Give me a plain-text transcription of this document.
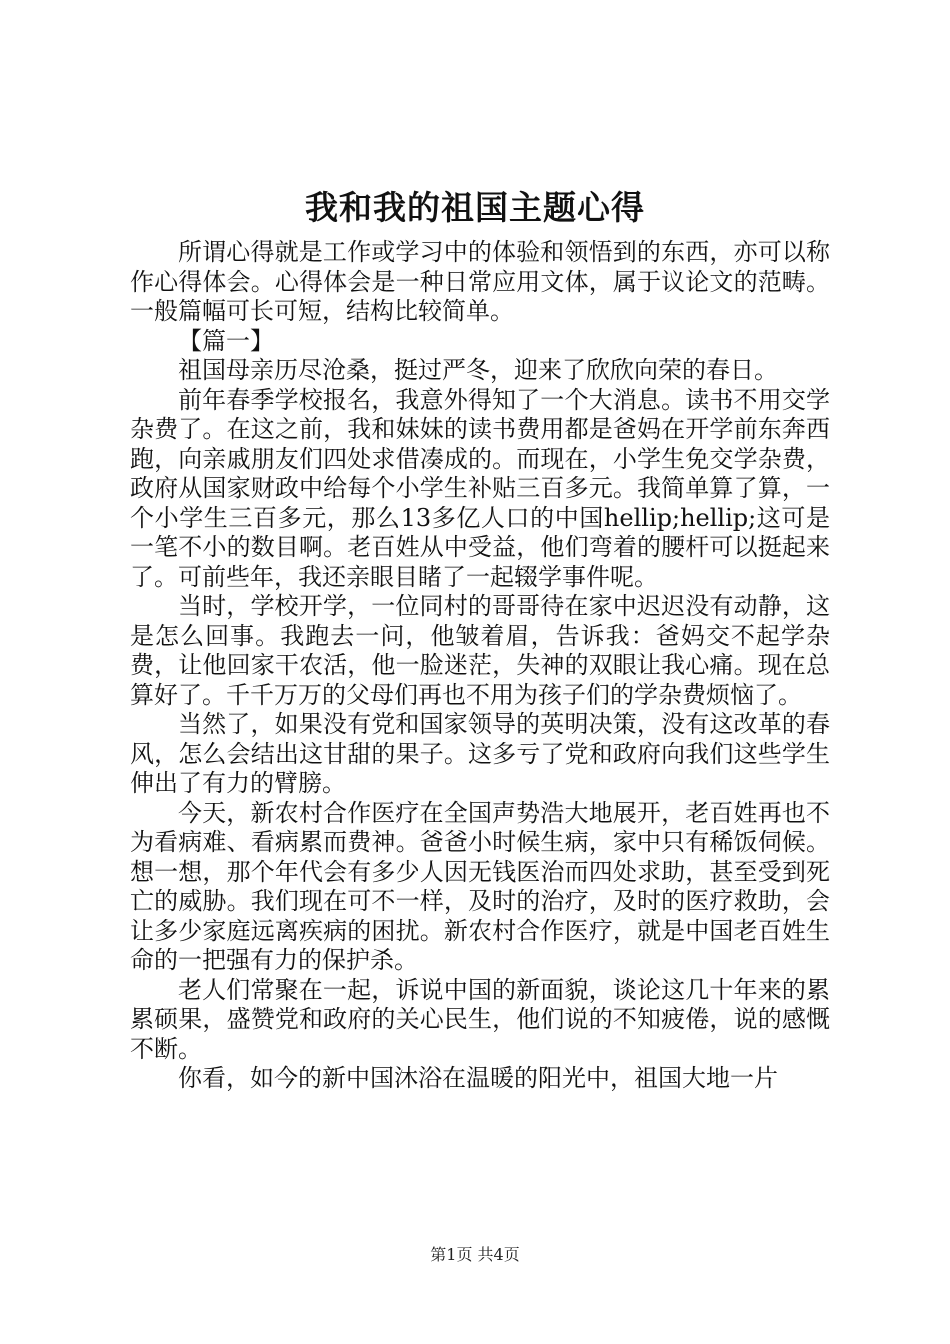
我和我的祖国主题心得

所谓心得就是工作或学习中的体验和领悟到的东西，亦可以称作心得体会。心得体会是一种日常应用文体，属于议论文的范畴。一般篇幅可长可短，结构比较简单。

【篇一】

祖国母亲历尽沧桑，挺过严冬，迎来了欣欣向荣的春日。

前年春季学校报名，我意外得知了一个大消息。读书不用交学杂费了。在这之前，我和妹妹的读书费用都是爸妈在开学前东奔西跑，向亲戚朋友们四处求借凑成的。而现在，小学生免交学杂费，政府从国家财政中给每个小学生补贴三百多元。我简单算了算，一个小学生三百多元，那么13多亿人口的中国hellip;hellip;这可是一笔不小的数目啊。老百姓从中受益，他们弯着的腰杆可以挺起来了。可前些年，我还亲眼目睹了一起辍学事件呢。

当时，学校开学，一位同村的哥哥待在家中迟迟没有动静，这是怎么回事。我跑去一问，他皱着眉，告诉我：爸妈交不起学杂费，让他回家干农活，他一脸迷茫，失神的双眼让我心痛。现在总算好了。千千万万的父母们再也不用为孩子们的学杂费烦恼了。

当然了，如果没有党和国家领导的英明决策，没有这改革的春风，怎么会结出这甘甜的果子。这多亏了党和政府向我们这些学生伸出了有力的臂膀。

今天，新农村合作医疗在全国声势浩大地展开，老百姓再也不为看病难、看病累而费神。爸爸小时候生病，家中只有稀饭伺候。想一想，那个年代会有多少人因无钱医治而四处求助，甚至受到死亡的威胁。我们现在可不一样，及时的治疗，及时的医疗救助，会让多少家庭远离疾病的困扰。新农村合作医疗，就是中国老百姓生命的一把强有力的保护杀。

老人们常聚在一起，诉说中国的新面貌，谈论这几十年来的累累硕果，盛赞党和政府的关心民生，他们说的不知疲倦，说的感慨不断。

你看，如今的新中国沐浴在温暖的阳光中，祖国大地一片

第1页 共4页
